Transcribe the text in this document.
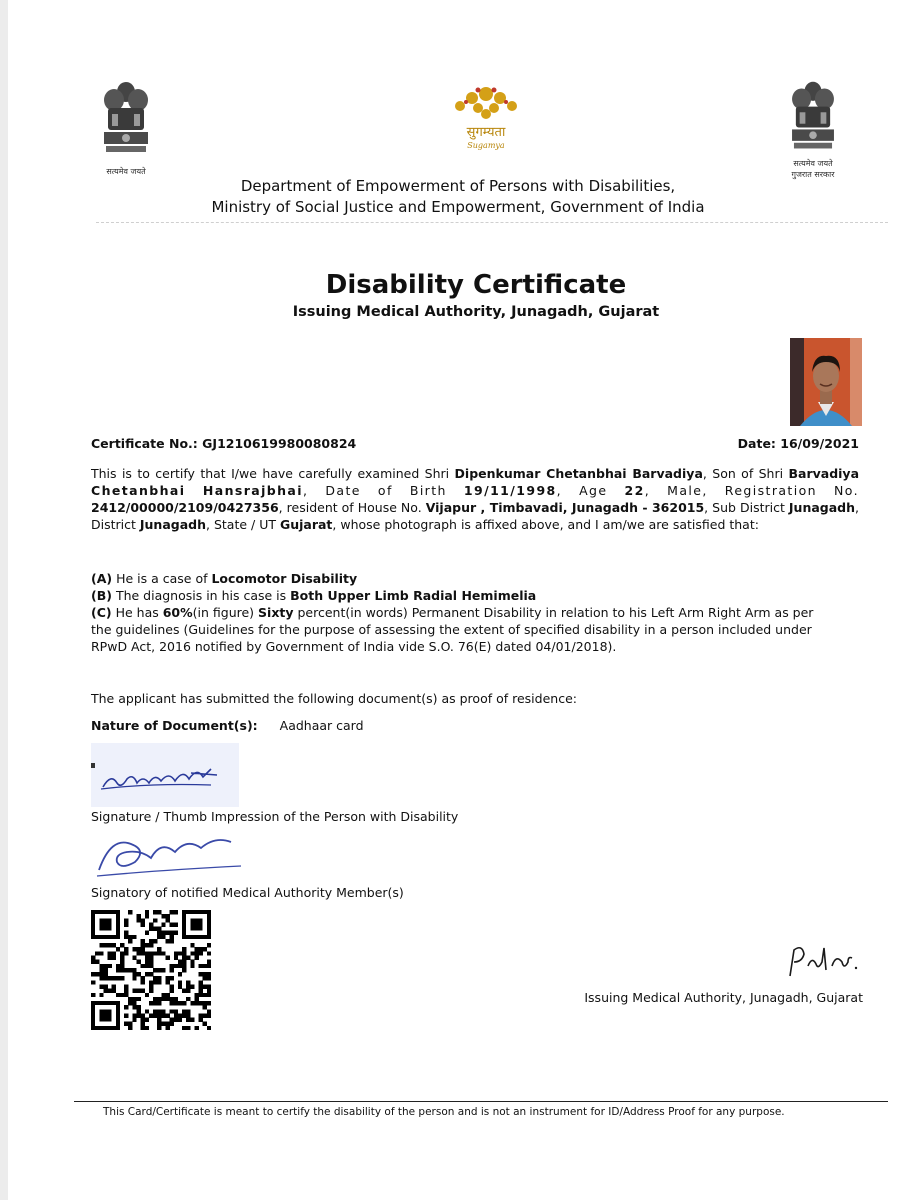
सत्यमेव जयते
सुगम्यता
Sugamya
सत्यमेव जयते
गुजरात सरकार
Department of Empowerment of Persons with Disabilities,
Ministry of Social Justice and Empowerment, Government of India
Disability Certificate
Issuing Medical Authority, Junagadh, Gujarat
Certificate No.: GJ1210619980080824	Date: 16/09/2021
This is to certify that I/we have carefully examined Shri Dipenkumar Chetanbhai Barvadiya, Son of Shri Barvadiya Chetanbhai Hansrajbhai, Date of Birth 19/11/1998, Age 22, Male, Registration No. 2412/00000/2109/0427356, resident of House No. Vijapur , Timbavadi, Junagadh - 362015, Sub District Junagadh, District Junagadh, State / UT Gujarat, whose photograph is affixed above, and I am/we are satisfied that:
(A) He is a case of Locomotor Disability
(B) The diagnosis in his case is Both Upper Limb Radial Hemimelia
(C) He has 60%(in figure) Sixty percent(in words) Permanent Disability in relation to his Left Arm Right Arm as per
the guidelines (Guidelines for the purpose of assessing the extent of specified disability in a person included under
RPwD Act, 2016 notified by Government of India vide S.O. 76(E) dated 04/01/2018).
The applicant has submitted the following document(s) as proof of residence:
Nature of Document(s): Aadhaar card
Signature / Thumb Impression of the Person with Disability
Signatory of notified Medical Authority Member(s)
Issuing Medical Authority, Junagadh, Gujarat
This Card/Certificate is meant to certify the disability of the person and is not an instrument for ID/Address Proof for any purpose.
